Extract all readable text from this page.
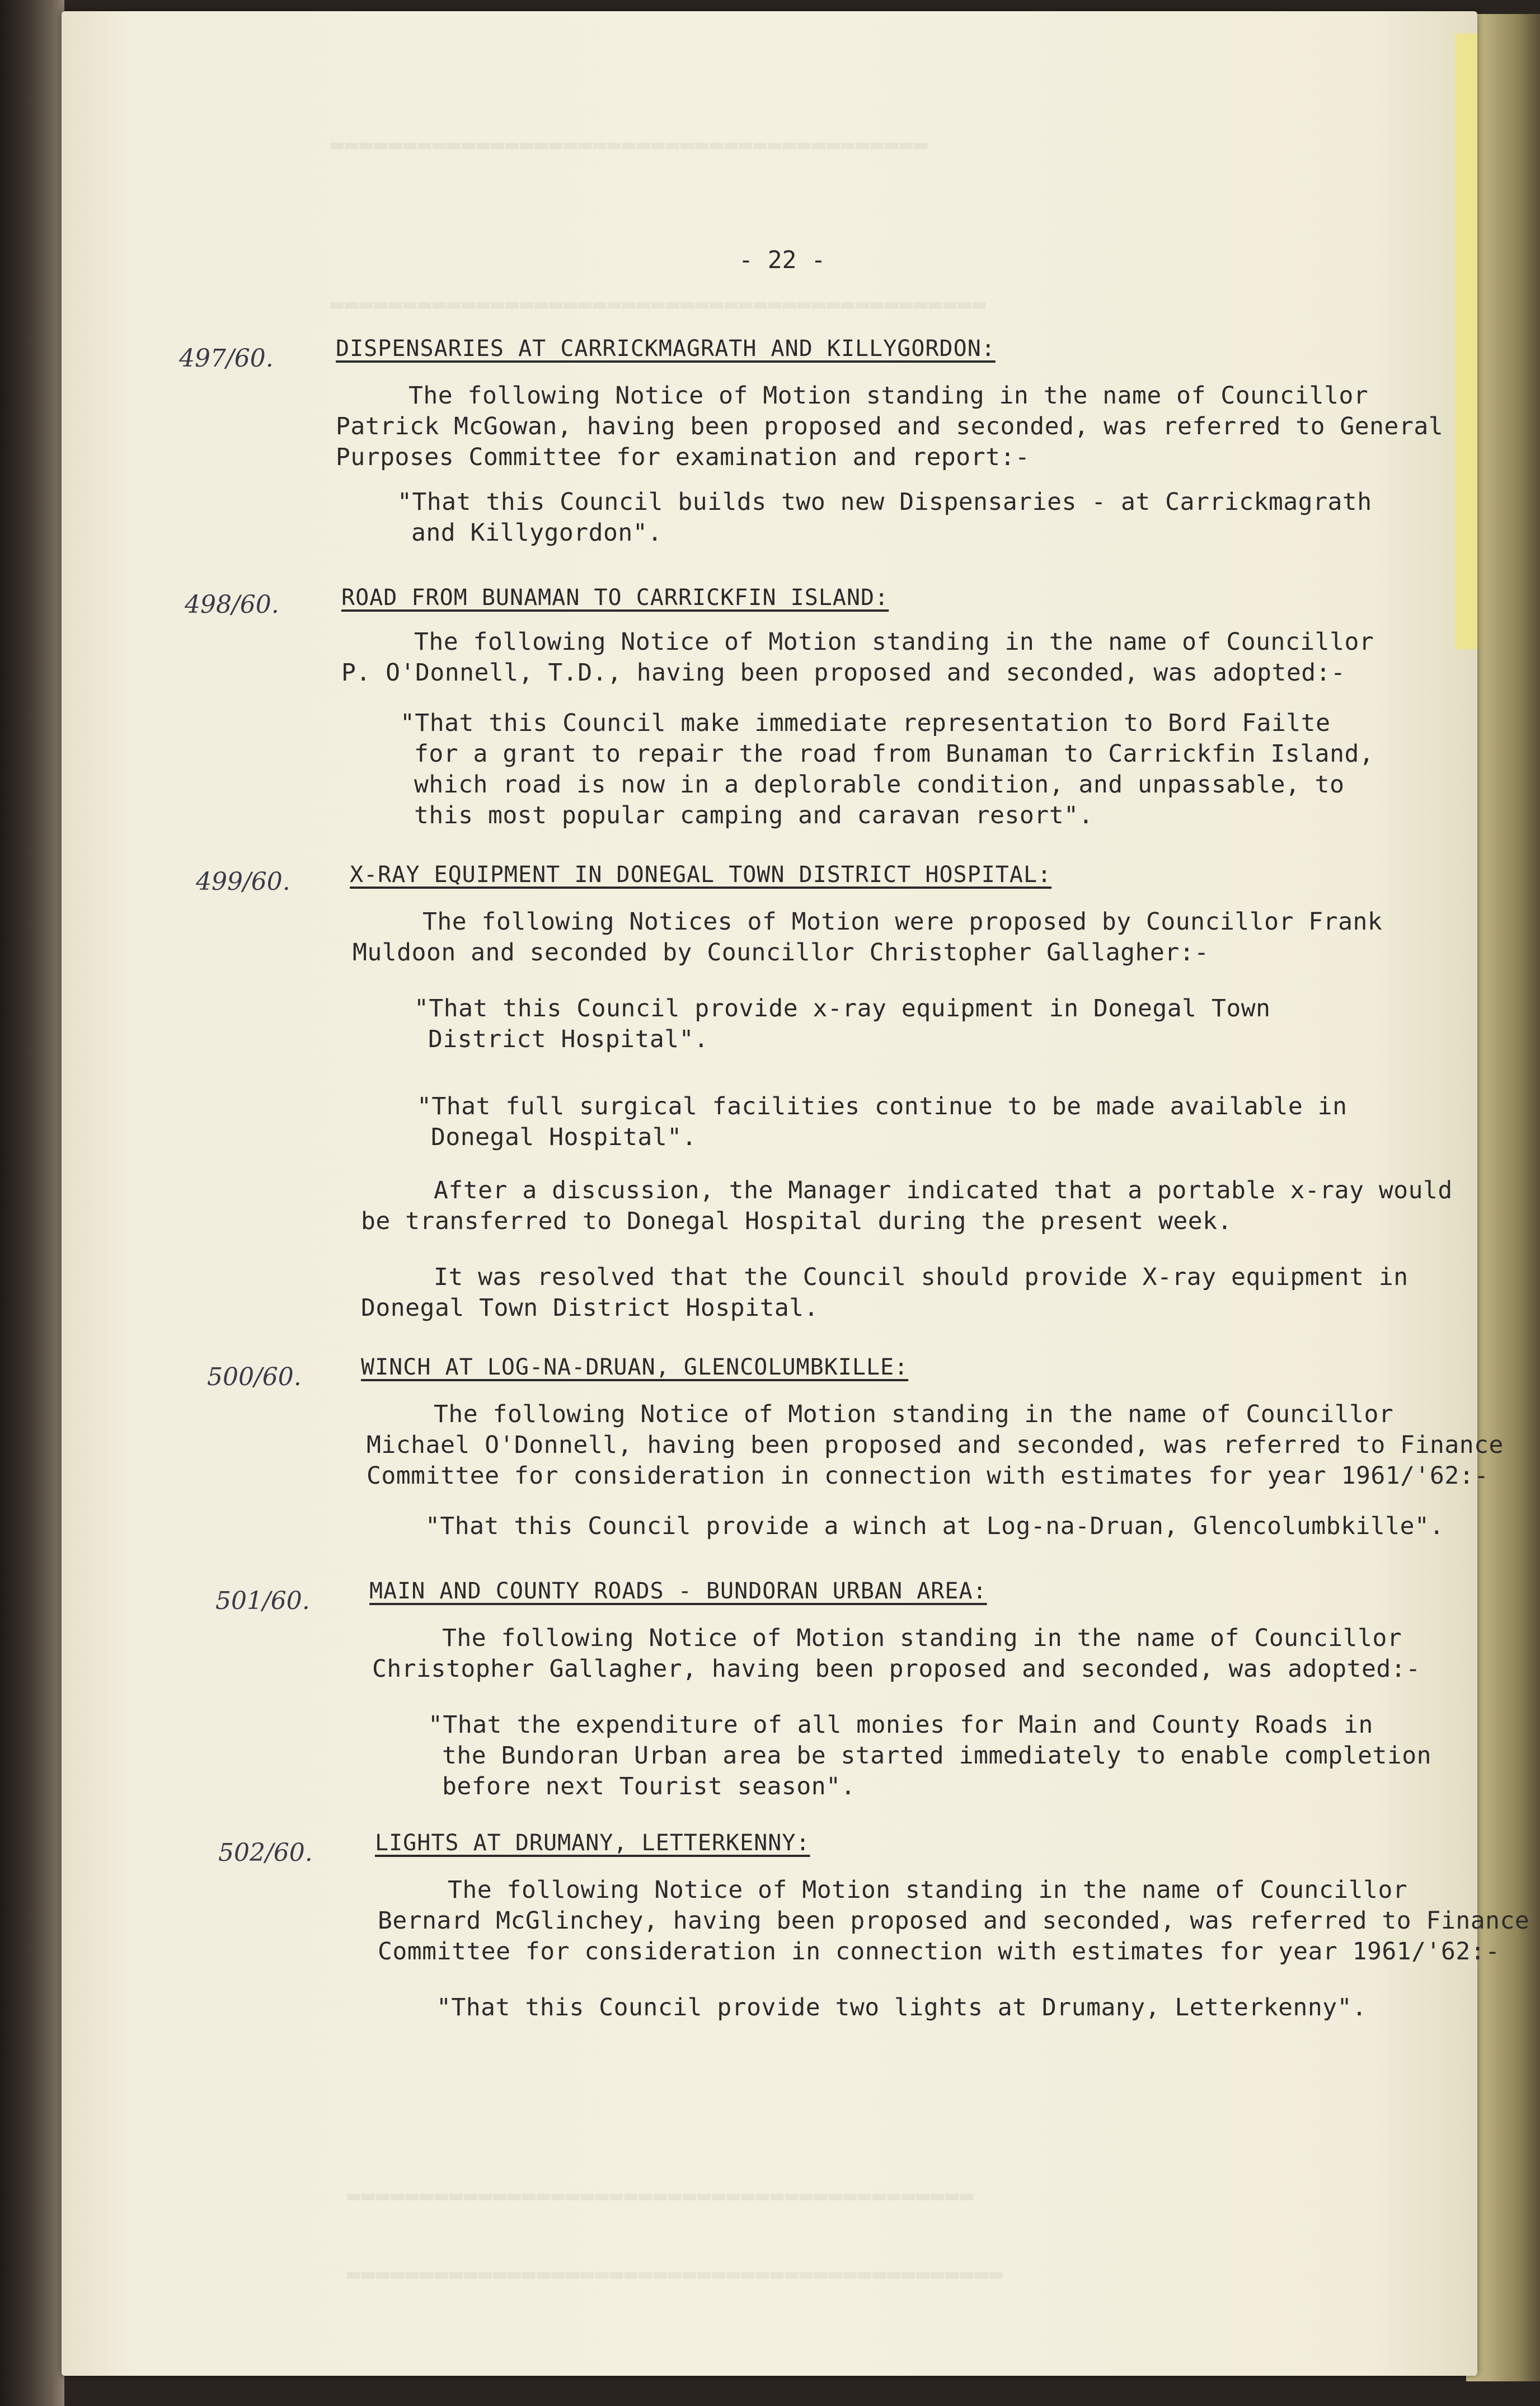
▬▬▬▬▬▬▬▬▬▬▬▬▬▬▬▬▬▬▬▬▬▬▬▬▬▬▬▬▬▬▬▬▬▬▬▬▬▬▬▬▬
▬▬▬▬▬▬▬▬▬▬▬▬▬▬▬▬▬▬▬▬▬▬▬▬▬▬▬▬▬▬▬▬▬▬▬▬▬▬▬▬▬▬▬▬▬
▬▬▬▬▬▬▬▬▬▬▬▬▬▬▬▬▬▬▬▬▬▬▬▬▬▬▬▬▬▬▬▬▬▬▬▬▬▬▬▬▬▬▬
▬▬▬▬▬▬▬▬▬▬▬▬▬▬▬▬▬▬▬▬▬▬▬▬▬▬▬▬▬▬▬▬▬▬▬▬▬▬▬▬▬▬▬▬▬
- 22 -
497/60.	DISPENSARIES AT CARRICKMAGRATH AND KILLYGORDON:
The following Notice of Motion standing in the name of Councillor
Patrick McGowan, having been proposed and seconded, was referred to General
Purposes Committee for examination and report:-
"That this Council builds two new Dispensaries - at Carrickmagrath
and Killygordon".
498/60.	ROAD FROM BUNAMAN TO CARRICKFIN ISLAND:
The following Notice of Motion standing in the name of Councillor
P. O'Donnell, T.D., having been proposed and seconded, was adopted:-
"That this Council make immediate representation to Bord Failte
for a grant to repair the road from Bunaman to Carrickfin Island,
which road is now in a deplorable condition, and unpassable, to
this most popular camping and caravan resort".
499/60.	X-RAY EQUIPMENT IN DONEGAL TOWN DISTRICT HOSPITAL:
The following Notices of Motion were proposed by Councillor Frank
Muldoon and seconded by Councillor Christopher Gallagher:-
"That this Council provide x-ray equipment in Donegal Town
District Hospital".
"That full surgical facilities continue to be made available in
Donegal Hospital".
After a discussion, the Manager indicated that a portable x-ray would
be transferred to Donegal Hospital during the present week.
It was resolved that the Council should provide X-ray equipment in
Donegal Town District Hospital.
500/60.	WINCH AT LOG-NA-DRUAN, GLENCOLUMBKILLE:
The following Notice of Motion standing in the name of Councillor
Michael O'Donnell, having been proposed and seconded, was referred to Finance
Committee for consideration in connection with estimates for year 1961/'62:-
"That this Council provide a winch at Log-na-Druan, Glencolumbkille".
501/60.	MAIN AND COUNTY ROADS - BUNDORAN URBAN AREA:
The following Notice of Motion standing in the name of Councillor
Christopher Gallagher, having been proposed and seconded, was adopted:-
"That the expenditure of all monies for Main and County Roads in
the Bundoran Urban area be started immediately to enable completion
before next Tourist season".
502/60.	LIGHTS AT DRUMANY, LETTERKENNY:
The following Notice of Motion standing in the name of Councillor
Bernard McGlinchey, having been proposed and seconded, was referred to Finance
Committee for consideration in connection with estimates for year 1961/'62:-
"That this Council provide two lights at Drumany, Letterkenny".
